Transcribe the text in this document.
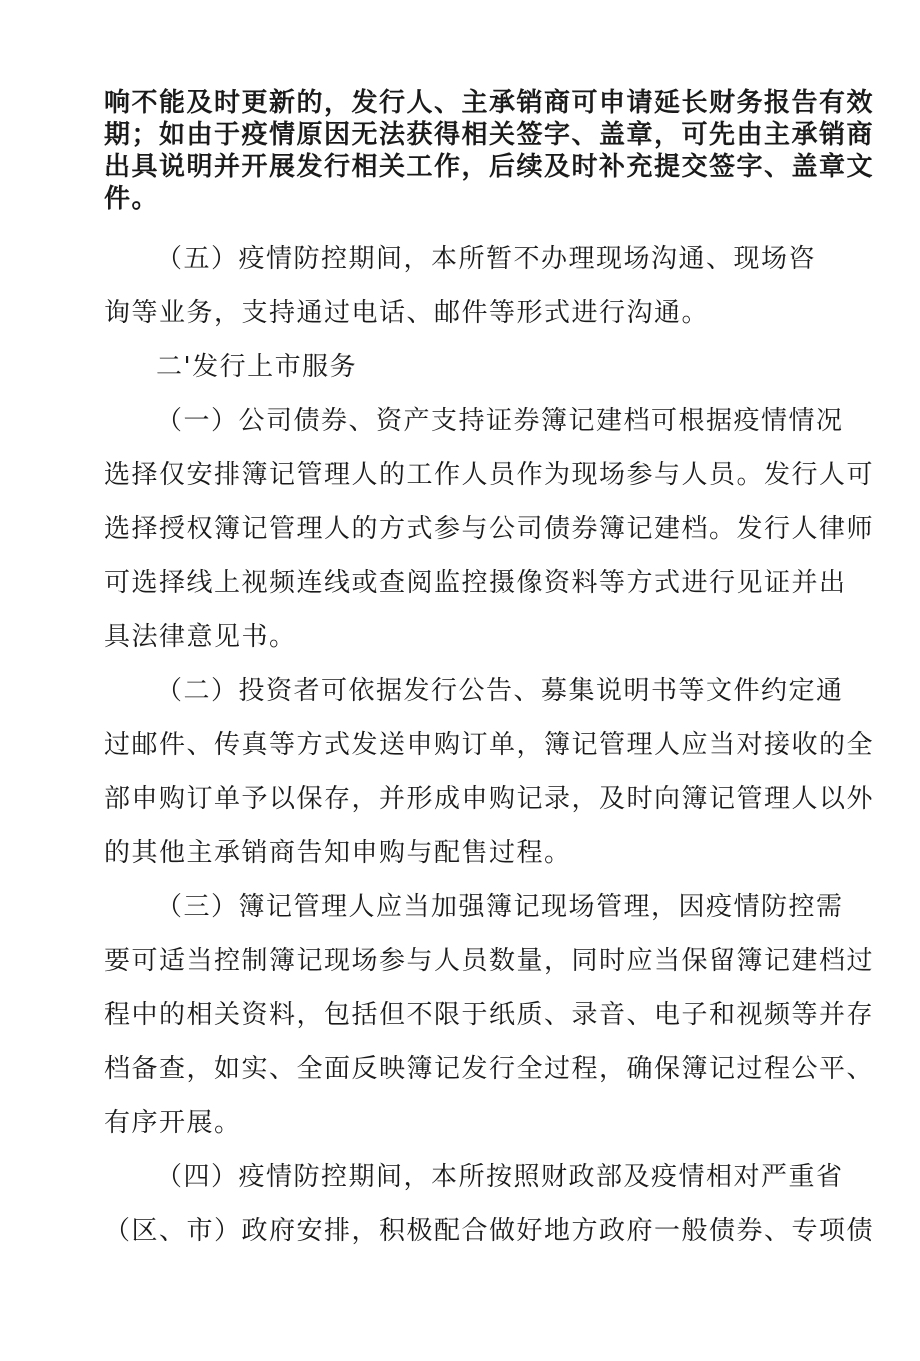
响不能及时更新的，发行人、主承销商可申请延长财务报告有效
期；如由于疫情原因无法获得相关签字、盖章，可先由主承销商
出具说明并开展发行相关工作，后续及时补充提交签字、盖章文
件。
（五）疫情防控期间，本所暂不办理现场沟通、现场咨
询等业务，支持通过电话、邮件等形式进行沟通。
二'发行上市服务
（一）公司债券、资产支持证券簿记建档可根据疫情情况
选择仅安排簿记管理人的工作人员作为现场参与人员。发行人可
选择授权簿记管理人的方式参与公司债券簿记建档。发行人律师
可选择线上视频连线或查阅监控摄像资料等方式进行见证并出
具法律意见书。
（二）投资者可依据发行公告、募集说明书等文件约定通
过邮件、传真等方式发送申购订单，簿记管理人应当对接收的全
部申购订单予以保存，并形成申购记录，及时向簿记管理人以外
的其他主承销商告知申购与配售过程。
（三）簿记管理人应当加强簿记现场管理，因疫情防控需
要可适当控制簿记现场参与人员数量，同时应当保留簿记建档过
程中的相关资料，包括但不限于纸质、录音、电子和视频等并存
档备查，如实、全面反映簿记发行全过程，确保簿记过程公平、
有序开展。
（四）疫情防控期间，本所按照财政部及疫情相对严重省
（区、市）政府安排，积极配合做好地方政府一般债券、专项债
